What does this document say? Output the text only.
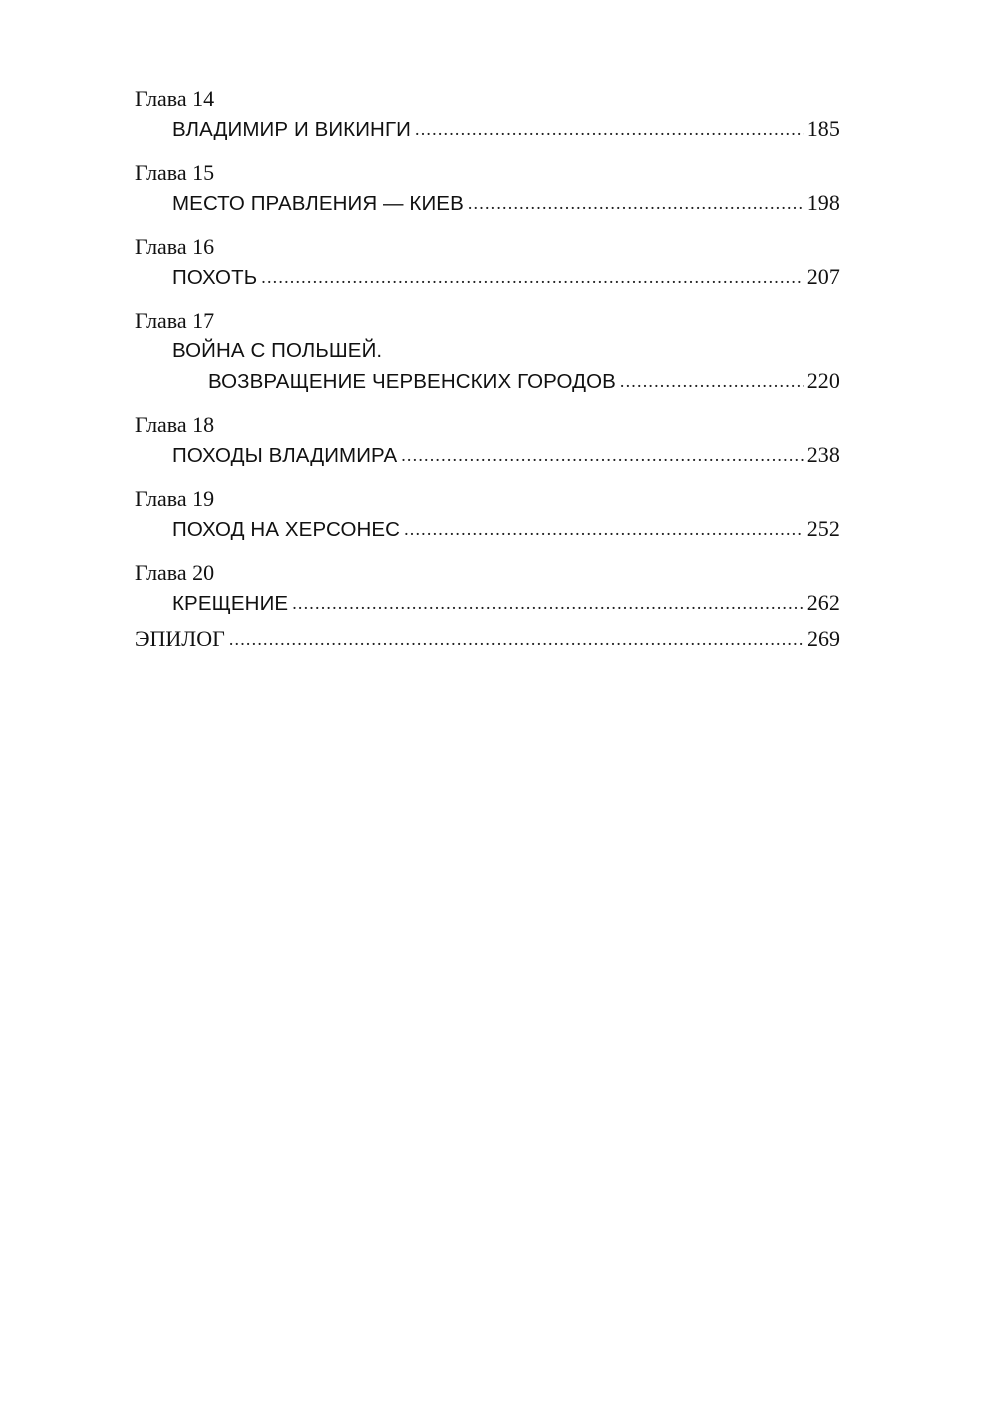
Глава 14
ВЛАДИМИР И ВИКИНГИ .....	185
Глава 15
МЕСТО ПРАВЛЕНИЯ — КИЕВ .....	198
Глава 16
ПОХОТЬ .....	207
Глава 17
ВОЙНА С ПОЛЬШЕЙ.
ВОЗВРАЩЕНИЕ ЧЕРВЕНСКИХ ГОРОДОВ .....	220
Глава 18
ПОХОДЫ ВЛАДИМИРА .....	238
Глава 19
ПОХОД НА ХЕРСОНЕС .....	252
Глава 20
КРЕЩЕНИЕ .....	262
ЭПИЛОГ .....	269
